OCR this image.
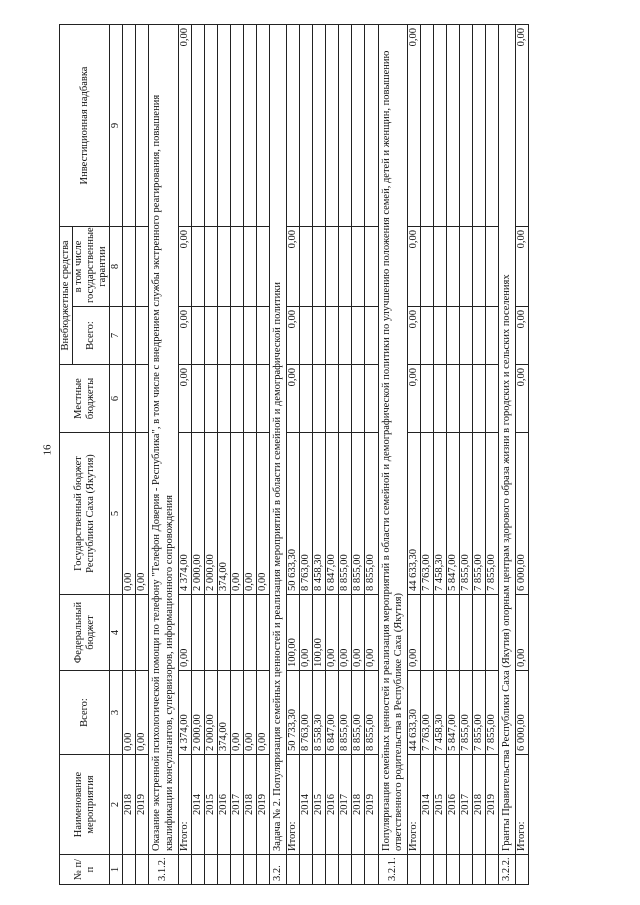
16
№ п/п	Наименование мероприятия	Всего:	Федеральный бюджет	Государственный бюджет Республики Саха (Якутия)	Местные бюджеты	Внебюджетные средства		Инвестиционная надбавка
						Всего:	в том числе государственные гарантии	
1	2	3	4	5	6	7	8	9
	2018	0,00		0,00				
	2019	0,00		0,00				
3.1.2.	Оказание экстренной психологической помощи по телефону "Телефон Доверия - Республика", в том числе с внедрением службы экстренного реагирования, повышения квалификации консультантов, супервизоров, информационного сопровождения							
	Итого:	4 374,00	0,00	4 374,00	0,00	0,00	0,00	0,00
	2014	2 000,00		2 000,00				
	2015	2 000,00		2 000,00				
	2016	374,00		374,00				
	2017	0,00		0,00				
	2018	0,00		0,00				
	2019	0,00		0,00				
3.2.	Задача № 2. Популяризация семейных ценностей и реализация мероприятий в области семейной и демографической политики							
	Итого:	50 733,30	100,00	50 633,30	0,00	0,00	0,00	
	2014	8 763,00	0,00	8 763,00				
	2015	8 558,30	100,00	8 458,30				
	2016	6 847,00	0,00	6 847,00				
	2017	8 855,00	0,00	8 855,00				
	2018	8 855,00	0,00	8 855,00				
	2019	8 855,00	0,00	8 855,00				
3.2.1.	Популяризация семейных ценностей и реализация мероприятий в области семейной и демографической политики по улучшению положения семей, детей и женщин, повышению ответственного родительства в Республике Саха (Якутия)							
	Итого:	44 633,30	0,00	44 633,30	0,00	0,00	0,00	0,00
	2014	7 763,00		7 763,00				
	2015	7 458,30		7 458,30				
	2016	5 847,00		5 847,00				
	2017	7 855,00		7 855,00				
	2018	7 855,00		7 855,00				
	2019	7 855,00		7 855,00				
3.2.2.	Гранты Правительства Республики Саха (Якутия) опорным центрам здорового образа жизни в городских и сельских поселениях							
	Итого:	6 000,00	0,00	6 000,00	0,00	0,00	0,00	0,00
